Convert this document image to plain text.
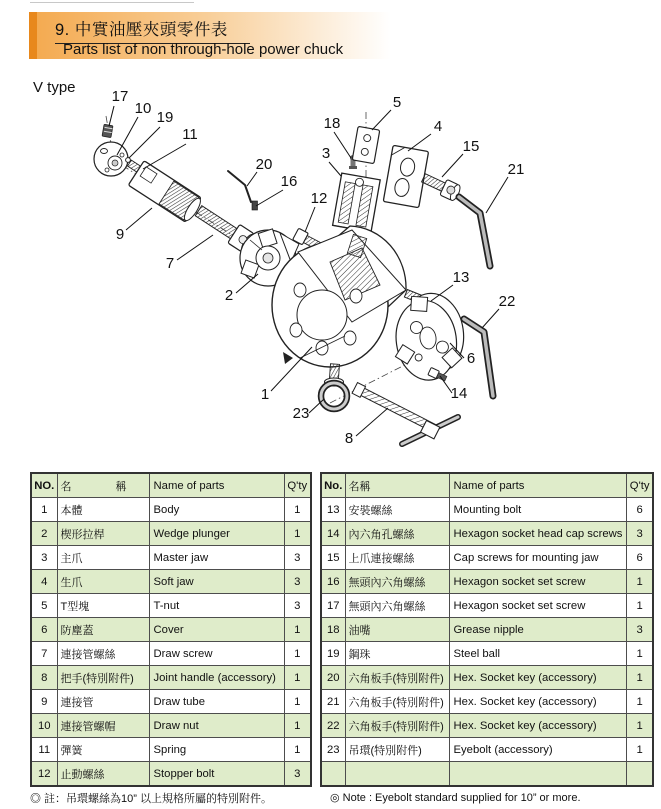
9. 中實油壓夾頭零件表
Parts list of non through-hole power chuck
V type
17
10
19
11
9
7
2
20
16
12
18
3
5
4
15
21
13
22
6
14
1
23
8
NO.	名　　　　稱	Name of parts	Q'ty
1	本體	Body	1
2	楔形拉桿	Wedge plunger	1
3	主爪	Master jaw	3
4	生爪	Soft jaw	3
5	T型塊	T-nut	3
6	防塵蓋	Cover	1
7	連接管螺絲	Draw screw	1
8	把手(特別附件)	Joint handle (accessory)	1
9	連接管	Draw tube	1
10	連接管螺帽	Draw nut	1
11	彈簧	Spring	1
12	止動螺絲	Stopper bolt	3
No.	名稱	Name of parts	Q'ty
13	安裝螺絲	Mounting bolt	6
14	內六角孔螺絲	Hexagon socket head cap screws	3
15	上爪連接螺絲	Cap screws for mounting jaw	6
16	無頭內六角螺絲	Hexagon socket set screw	1
17	無頭內六角螺絲	Hexagon socket set screw	1
18	油嘴	Grease nipple	3
19	鋼珠	Steel ball	1
20	六角板手(特別附件)	Hex. Socket key (accessory)	1
21	六角板手(特別附件)	Hex. Socket key (accessory)	1
22	六角板手(特別附件)	Hex. Socket key (accessory)	1
23	吊環(特別附件)	Eyebolt (accessory)	1

◎ 註：吊環螺絲為10” 以上規格所屬的特別附件。	◎ Note : Eyebolt standard supplied for 10” or more.
